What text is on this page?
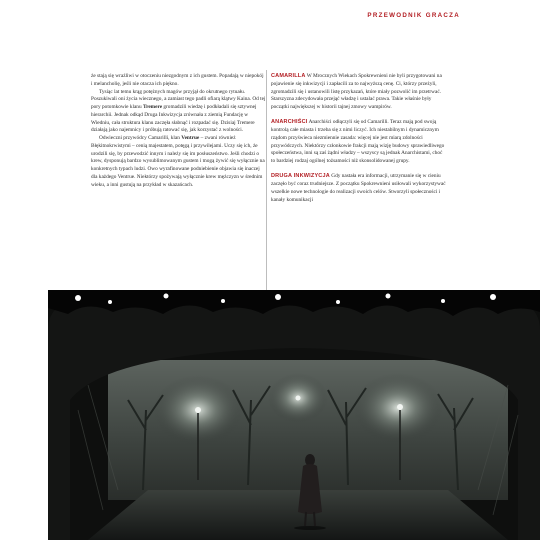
PRZEWODNIK GRACZA

że stają się wrażliwi w otoczeniu niezgodnym z ich gustem. Popadają w niepokój i melancholię, jeśli nie otacza ich piękno.

Tysiąc lat temu krąg potężnych magów przyjął do okrutnego rytuału. Poszukiwali oni życia wiecznego, a zamiast tego padli ofiarą klątwy Kaina. Od tej pory potomkowie klanu Tremere gromadzili wiedzę i podkładali się sztywnej hierarchii. Jednak odkąd Druga Inkwizycja zrównała z ziemią Fundację w Wiedniu, cała struktura klanu zaczęła słabnąć i rozpadać się. Dzisiaj Tremere działają jako najemnicy i próbują ratować się, jak korzystać z wolności.

Odwieczni przywódcy Camarilli, klan Ventrue – zwani również Błękitnokrwistymi – cenią majestatem, potęgą i przywilejami. Uczy się ich, że urodzili się, by przewodzić innym i należy się im posłuszeństwo. Jeśli chodzi o krew, dysponują bardzo wysublimowanym gustem i mogą żywić się wyłącznie na konkretnych typach ludzi. Owo wyrafinowane podniebienie objawia się inaczej dla każdego Ventrue. Niektórzy spożywają wyłącznie krew mężczyzn w średnim wieku, a inni gustują na przykład w skazańcach.

CAMARILLA W Mrocznych Wiekach Spokrewnieni nie byli przygotowani na pojawienie się inkwizycji i zapłacili za to najwyższą cenę. Ci, którzy przeżyli, zgromadzili się i ustanowili listę przykazań, które miały pozwolić im przetrwać. Starszyzna zdecydowała przejąć władzę i ustalać prawa. Takie właśnie były początki największej w historii tajnej zmowy wampirów.

ANARCHIŚCI Anarchiści odłączyli się od Camarilli. Teraz mają pod swoją kontrolą całe miasta i trzeba się z nimi liczyć. Ich niestabilnym i dynamicznym rządom przyświeca niezmiennie zasada: więcej nie jest miarą zdolności przywódczych. Niektórzy członkowie frakcji mają wizję budowy sprawiedliwego społeczeństwa, inni są zaś żądni władzy – wszyscy są jednak Anarchistami, choć to bardziej rodzaj ogólnej tożsamości niż skonsolidowanej grupy.

DRUGA INKWIZYCJA Gdy nastała era informacji, utrzymanie się w cieniu zaczęło być coraz trudniejsze. Z początku Spokrewnieni usiłowali wykorzystywać wszelkie nowe technologie do realizacji swoich celów. Stworzyli społeczności i kanały komunikacji
